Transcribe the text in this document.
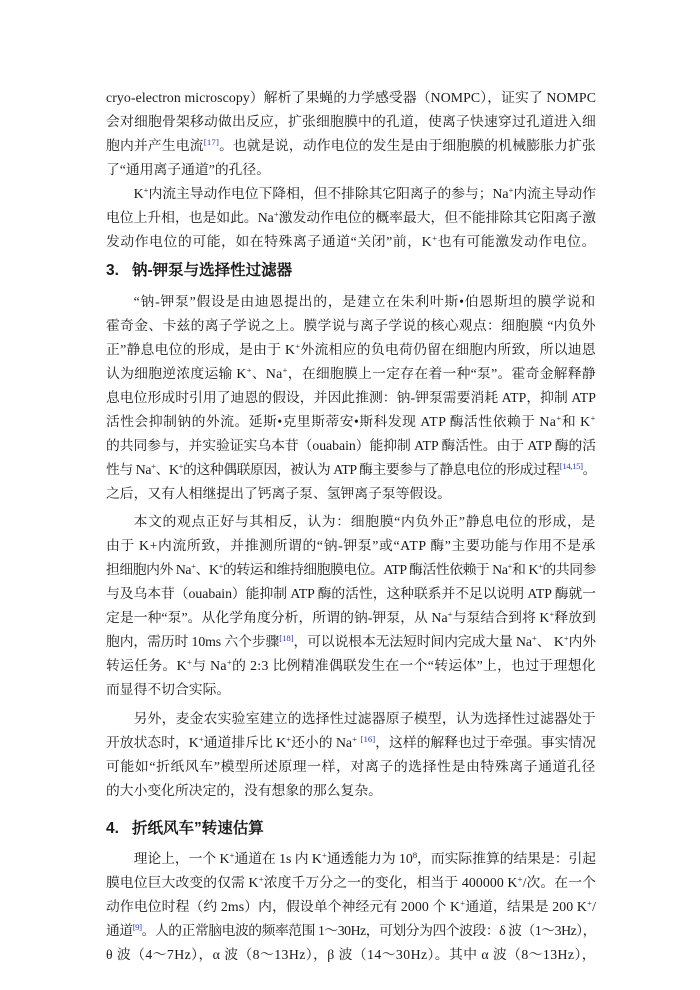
cryo-electron microscopy）解析了果蝇的力学感受器（NOMPC），证实了 NOMPC
会对细胞骨架移动做出反应，扩张细胞膜中的孔道，使离子快速穿过孔道进入细
胞内并产生电流[17]。也就是说，动作电位的发生是由于细胞膜的机械膨胀力扩张
了“通用离子通道”的孔径。
K+内流主导动作电位下降相，但不排除其它阳离子的参与；Na+内流主导动作
电位上升相，也是如此。Na+激发动作电位的概率最大，但不能排除其它阳离子激
发动作电位的可能，如在特殊离子通道“关闭”前，K+也有可能激发动作电位。
3. 钠-钾泵与选择性过滤器
“钠-钾泵”假设是由迪恩提出的，是建立在朱利叶斯•伯恩斯坦的膜学说和
霍奇金、卡兹的离子学说之上。膜学说与离子学说的核心观点：细胞膜 “内负外
正”静息电位的形成，是由于 K+外流相应的负电荷仍留在细胞内所致，所以迪恩
认为细胞逆浓度运输 K+、Na+，在细胞膜上一定存在着一种“泵”。霍奇金解释静
息电位形成时引用了迪恩的假设，并因此推测：钠-钾泵需要消耗 ATP，抑制 ATP
活性会抑制钠的外流。延斯•克里斯蒂安•斯科发现 ATP 酶活性依赖于 Na+和 K+
的共同参与，并实验证实乌本苷（ouabain）能抑制 ATP 酶活性。由于 ATP 酶的活
性与 Na+、K+的这种偶联原因，被认为 ATP 酶主要参与了静息电位的形成过程[14,15]。
之后，又有人相继提出了钙离子泵、氢钾离子泵等假设。
本文的观点正好与其相反，认为：细胞膜“内负外正”静息电位的形成，是
由于 K+内流所致，并推测所谓的“钠-钾泵”或“ATP 酶”主要功能与作用不是承
担细胞内外 Na+、K+的转运和维持细胞膜电位。ATP 酶活性依赖于 Na+和 K+的共同参
与及乌本苷（ouabain）能抑制 ATP 酶的活性，这种联系并不足以说明 ATP 酶就一
定是一种“泵”。从化学角度分析，所谓的钠-钾泵，从 Na+与泵结合到将 K+释放到
胞内，需历时 10ms 六个步骤[18]，可以说根本无法短时间内完成大量 Na+、 K+内外
转运任务。K+与 Na+的 2:3 比例精准偶联发生在一个“转运体”上，也过于理想化
而显得不切合实际。
另外，麦金农实验室建立的选择性过滤器原子模型，认为选择性过滤器处于
开放状态时，K+通道排斥比 K+还小的 Na+ [16]，这样的解释也过于牵强。事实情况
可能如“折纸风车”模型所述原理一样，对离子的选择性是由特殊离子通道孔径
的大小变化所决定的，没有想象的那么复杂。
4. 折纸风车”转速估算
理论上，一个 K+通道在 1s 内 K+通透能力为 $10^8$，而实际推算的结果是：引起
膜电位巨大改变的仅需 K+浓度千万分之一的变化，相当于 400000 K+/次。在一个
动作电位时程（约 2ms）内，假设单个神经元有 2000 个 K+通道，结果是 200 K+/
通道[9]。人的正常脑电波的频率范围 1～30Hz，可划分为四个波段：δ 波（1～3Hz），
θ 波（4～7Hz），α 波（8～13Hz），β 波（14～30Hz）。其中 α 波（8～13Hz），
